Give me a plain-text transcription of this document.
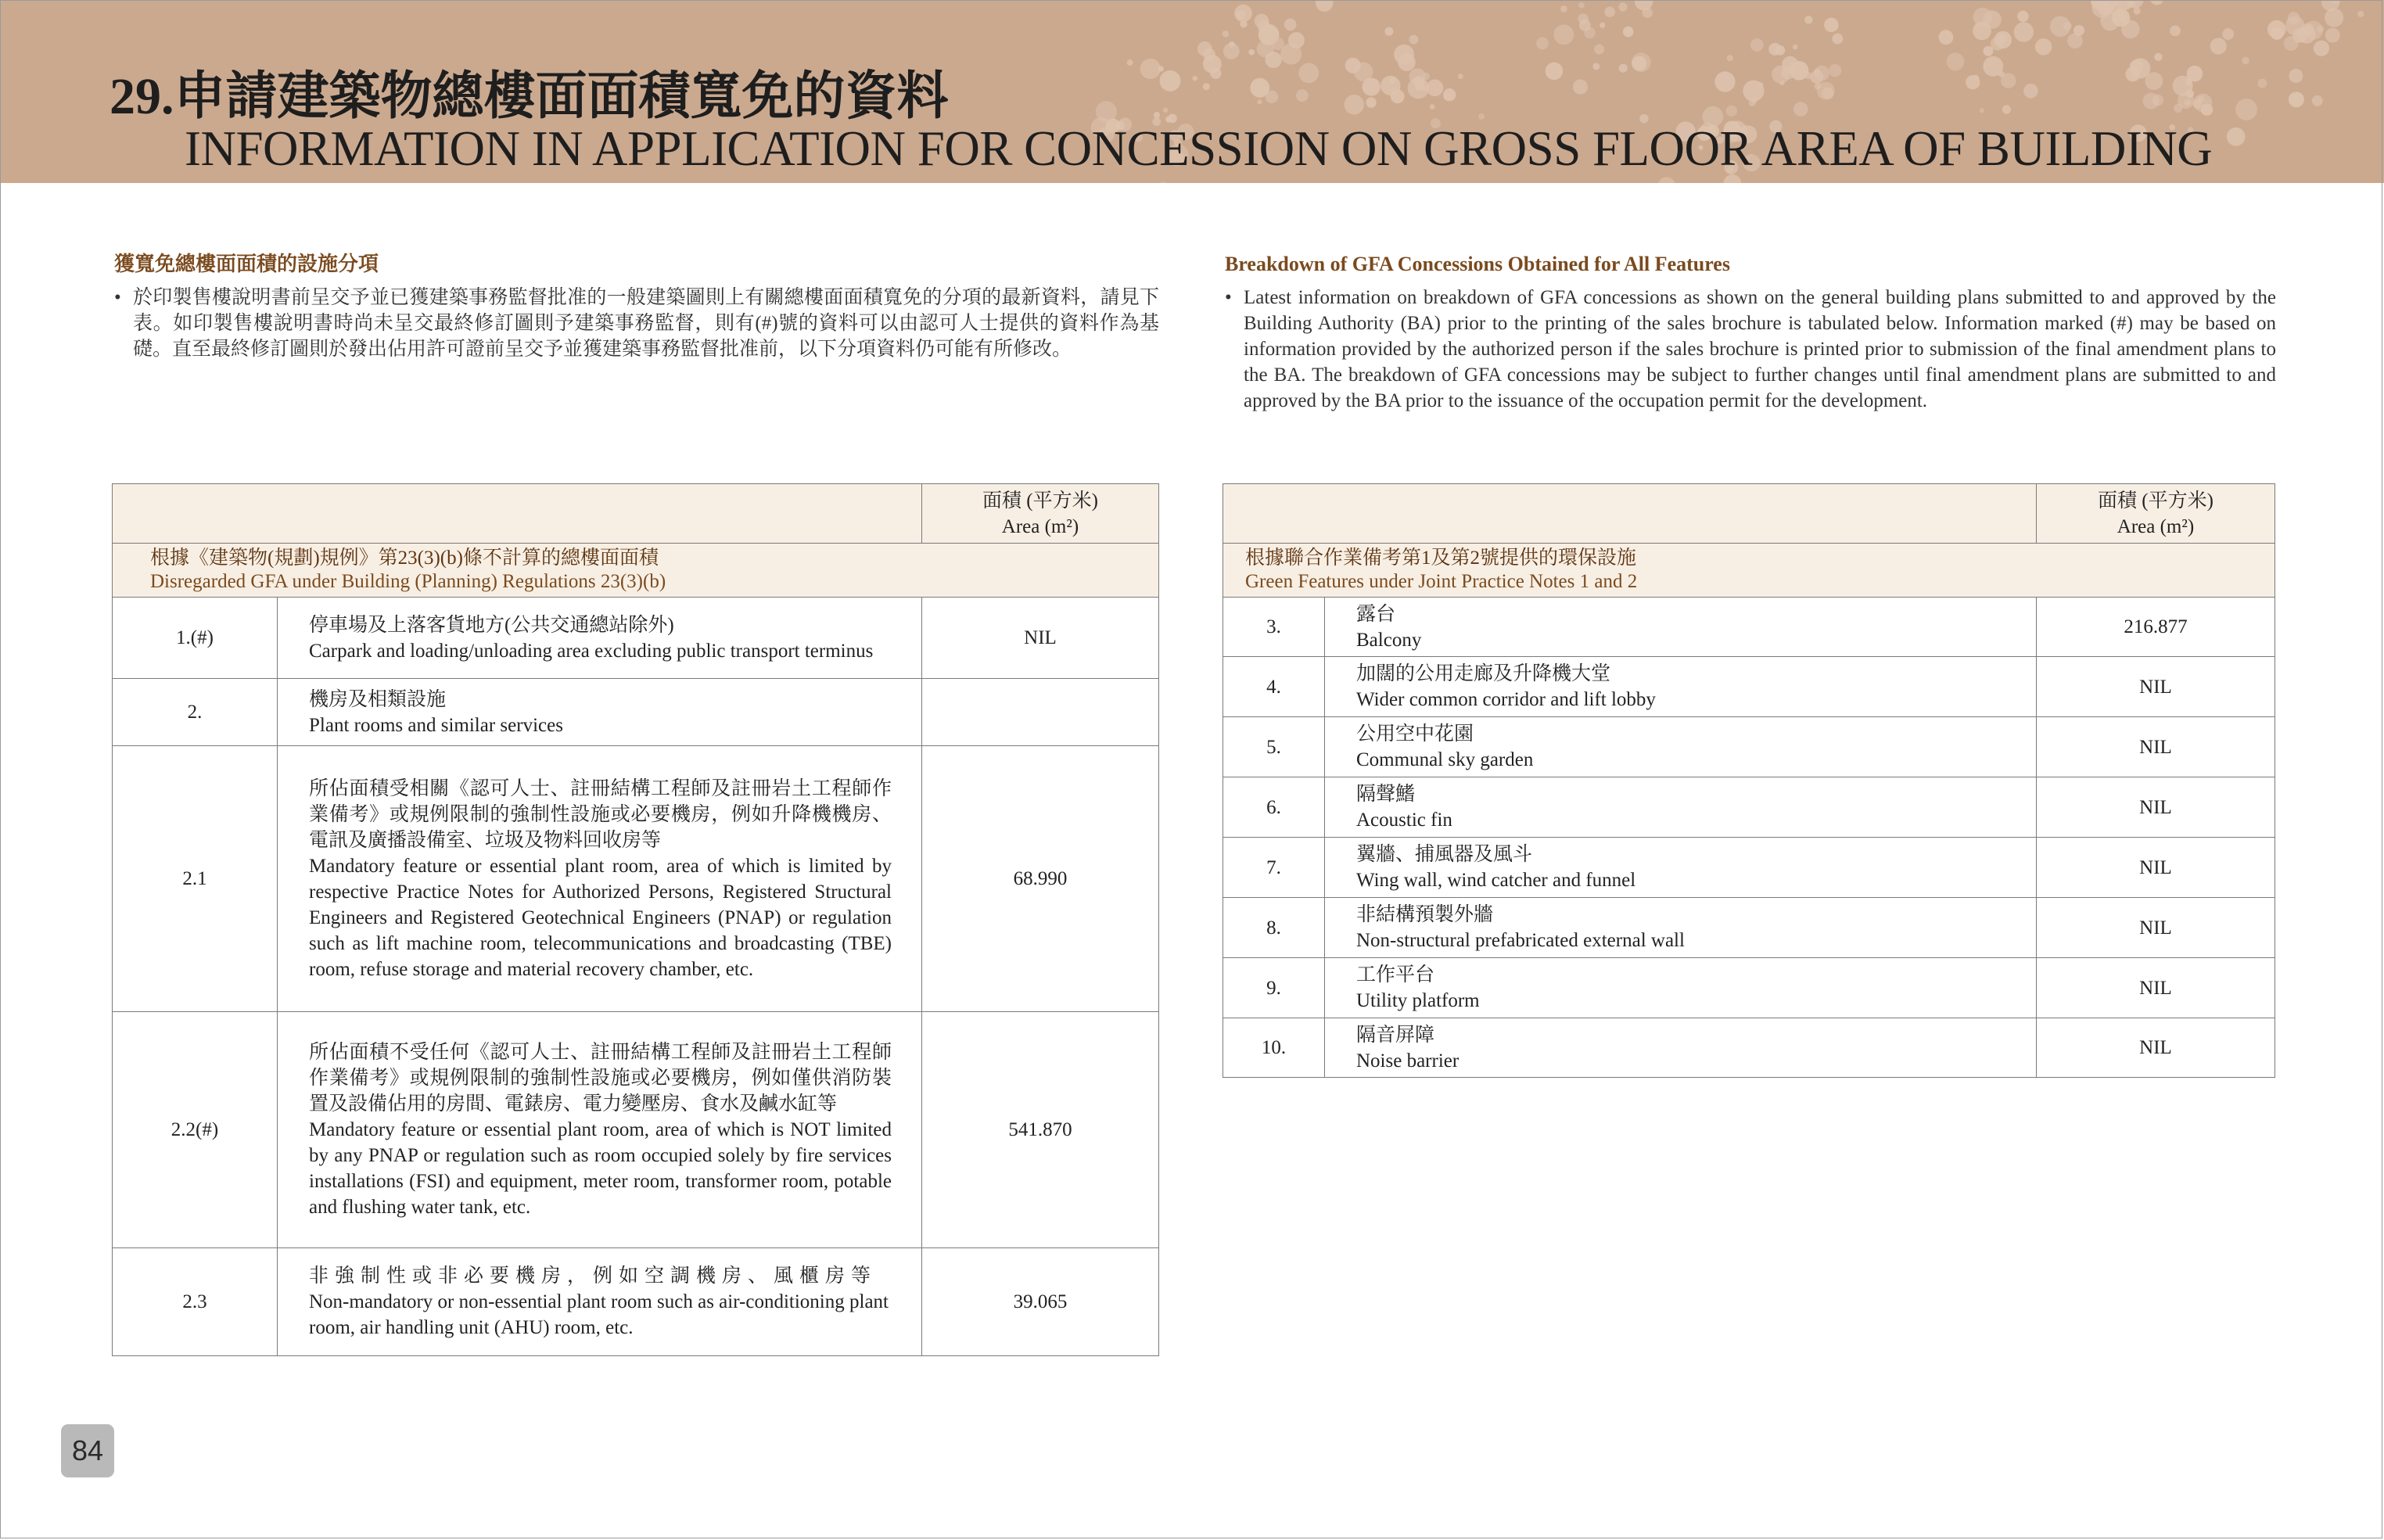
29.申請建築物總樓面面積寬免的資料
INFORMATION IN APPLICATION FOR CONCESSION ON GROSS FLOOR AREA OF BUILDING
獲寬免總樓面面積的設施分項
• 於印製售樓說明書前呈交予並已獲建築事務監督批准的一般建築圖則上有關總樓面面積寬免的分項的最新資料，請見下表。如印製售樓說明書時尚未呈交最終修訂圖則予建築事務監督，則有(#)號的資料可以由認可人士提供的資料作為基礎。直至最終修訂圖則於發出佔用許可證前呈交予並獲建築事務監督批准前，以下分項資料仍可能有所修改。
Breakdown of GFA Concessions Obtained for All Features
• Latest information on breakdown of GFA concessions as shown on the general building plans submitted to and approved by the Building Authority (BA) prior to the printing of the sales brochure is tabulated below. Information marked (#) may be based on information provided by the authorized person if the sales brochure is printed prior to submission of the final amendment plans to the BA. The breakdown of GFA concessions may be subject to further changes until final amendment plans are submitted to and approved by the BA prior to the issuance of the occupation permit for the development.

		面積 (平方米)
Area (m²)

根據《建築物(規劃)規例》第23(3)(b)條不計算的總樓面面積
Disregarded GFA under Building (Planning) Regulations 23(3)(b)		

1.(#)	停車場及上落客貨地方(公共交通總站除外)
Carpark and loading/unloading area excluding public transport terminus	NIL
2.	機房及相類設施
Plant rooms and similar services	

2.1	所佔面積受相關《認可人士、註冊結構工程師及註冊岩土工程師作業備考》或規例限制的強制性設施或必要機房，例如升降機機房、電訊及廣播設備室、垃圾及物料回收房等
Mandatory feature or essential plant room, area of which is limited by respective Practice Notes for Authorized Persons, Registered Structural Engineers and Registered Geotechnical Engineers (PNAP) or regulation such as lift machine room, telecommunications and broadcasting (TBE) room, refuse storage and material recovery chamber, etc.	68.990
2.2(#)	所佔面積不受任何《認可人士、註冊結構工程師及註冊岩土工程師作業備考》或規例限制的強制性設施或必要機房，例如僅供消防裝置及設備佔用的房間、電錶房、電力變壓房、食水及鹹水缸等
Mandatory feature or essential plant room, area of which is NOT limited by any PNAP or regulation such as room occupied solely by fire services installations (FSI) and equipment, meter room, transformer room, potable and flushing water tank, etc.	541.870
2.3	非強制性或非必要機房，例如空調機房、風櫃房等
Non-mandatory or non-essential plant room such as air-conditioning plant room, air handling unit (AHU) room, etc.	39.065

		面積 (平方米)
Area (m²)

根據聯合作業備考第1及第2號提供的環保設施
Green Features under Joint Practice Notes 1 and 2		

3.	露台
Balcony	216.877
4.	加闊的公用走廊及升降機大堂
Wider common corridor and lift lobby	NIL
5.	公用空中花園
Communal sky garden	NIL
6.	隔聲鰭
Acoustic fin	NIL
7.	翼牆、捕風器及風斗
Wing wall, wind catcher and funnel	NIL
8.	非結構預製外牆
Non-structural prefabricated external wall	NIL
9.	工作平台
Utility platform	NIL
10.	隔音屏障
Noise barrier	NIL
84
